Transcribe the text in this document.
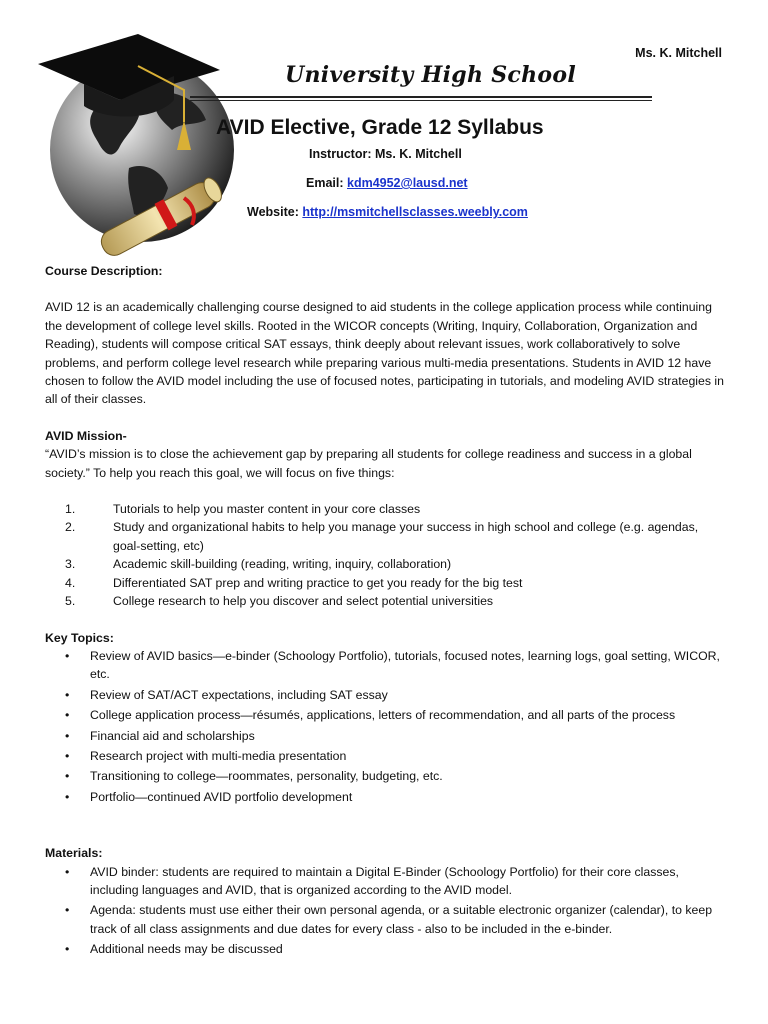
Ms. K. Mitchell
University High School
AVID Elective, Grade 12 Syllabus
Instructor: Ms. K. Mitchell
Email: kdm4952@lausd.net
Website: http://msmitchellsclasses.weebly.com

Course Description:

AVID 12 is an academically challenging course designed to aid students in the college application process while continuing the development of college level skills. Rooted in the WICOR concepts (Writing, Inquiry, Collaboration, Organization and Reading), students will compose critical SAT essays, think deeply about relevant issues, work collaboratively to solve problems, and perform college level research while preparing various multi-media presentations. Students in AVID 12 have chosen to follow the AVID model including the use of focused notes, participating in tutorials, and modeling AVID strategies in all of their classes.

AVID Mission-

“AVID’s mission is to close the achievement gap by preparing all students for college readiness and success in a global society.” To help you reach this goal, we will focus on five things:

1.	Tutorials to help you master content in your core classes
2.	Study and organizational habits to help you manage your success in high school and college (e.g. agendas, goal-setting, etc)
3.	Academic skill-building (reading, writing, inquiry, collaboration)
4.	Differentiated SAT prep and writing practice to get you ready for the big test
5.	College research to help you discover and select potential universities

Key Topics:

•	Review of AVID basics—e-binder (Schoology Portfolio), tutorials, focused notes, learning logs, goal setting, WICOR, etc.
•	Review of SAT/ACT expectations, including SAT essay
•	College application process—résumés, applications, letters of recommendation, and all parts of the process
•	Financial aid and scholarships
•	Research project with multi-media presentation
•	Transitioning to college—roommates, personality, budgeting, etc.
•	Portfolio—continued AVID portfolio development

Materials:

•	AVID binder: students are required to maintain a Digital E-Binder (Schoology Portfolio) for their core classes, including languages and AVID, that is organized according to the AVID model.
•	Agenda: students must use either their own personal agenda, or a suitable electronic organizer (calendar), to keep track of all class assignments and due dates for every class - also to be included in the e-binder.
•	Additional needs may be discussed
